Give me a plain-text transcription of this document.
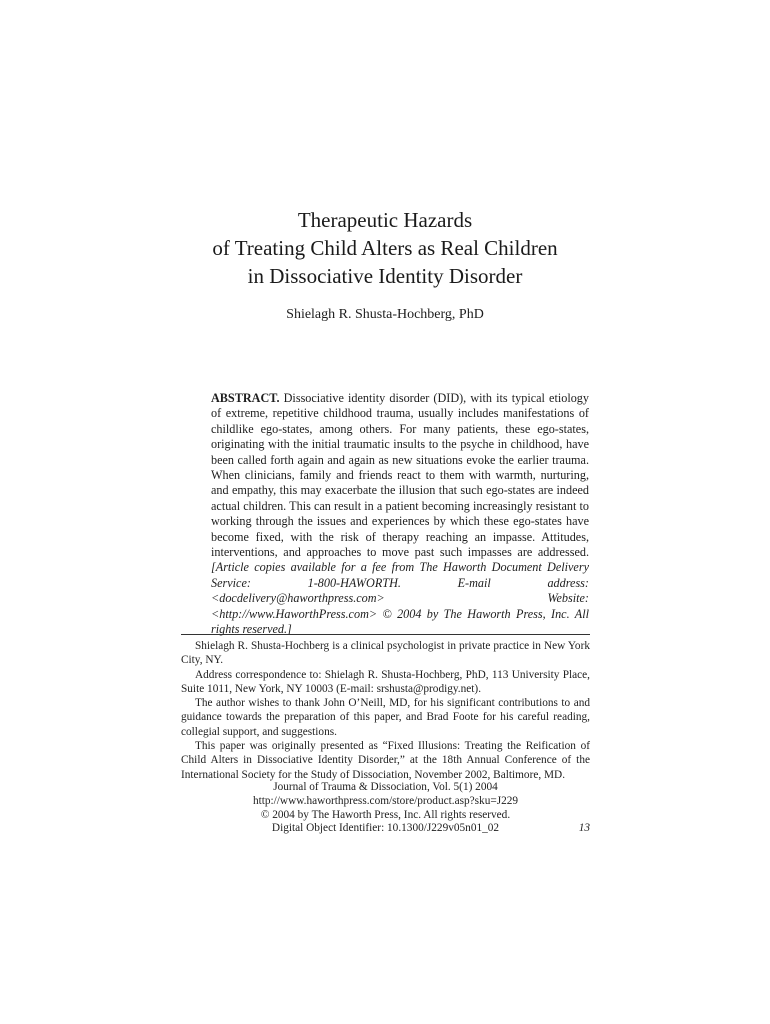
Therapeutic Hazards
of Treating Child Alters as Real Children
in Dissociative Identity Disorder
Shielagh R. Shusta-Hochberg, PhD
ABSTRACT. Dissociative identity disorder (DID), with its typical etiology of extreme, repetitive childhood trauma, usually includes manifestations of childlike ego-states, among others. For many patients, these ego-states, originating with the initial traumatic insults to the psyche in childhood, have been called forth again and again as new situations evoke the earlier trauma. When clinicians, family and friends react to them with warmth, nurturing, and empathy, this may exacerbate the illusion that such ego-states are indeed actual children. This can result in a patient becoming increasingly resistant to working through the issues and experiences by which these ego-states have become fixed, with the risk of therapy reaching an impasse. Attitudes, interventions, and approaches to move past such impasses are addressed. [Article copies available for a fee from The Haworth Document Delivery Service: 1-800-HAWORTH. E-mail address: <docdelivery@haworthpress.com> Website: <http://www.HaworthPress.com> © 2004 by The Haworth Press, Inc. All rights reserved.]

Shielagh R. Shusta-Hochberg is a clinical psychologist in private practice in New York City, NY.

Address correspondence to: Shielagh R. Shusta-Hochberg, PhD, 113 University Place, Suite 1011, New York, NY 10003 (E-mail: srshusta@prodigy.net).

The author wishes to thank John O’Neill, MD, for his significant contributions to and guidance towards the preparation of this paper, and Brad Foote for his careful reading, collegial support, and suggestions.

This paper was originally presented as “Fixed Illusions: Treating the Reification of Child Alters in Dissociative Identity Disorder,” at the 18th Annual Conference of the International Society for the Study of Dissociation, November 2002, Baltimore, MD.

Journal of Trauma & Dissociation, Vol. 5(1) 2004
http://www.haworthpress.com/store/product.asp?sku=J229
© 2004 by The Haworth Press, Inc. All rights reserved.
Digital Object Identifier: 10.1300/J229v05n01_02	13
